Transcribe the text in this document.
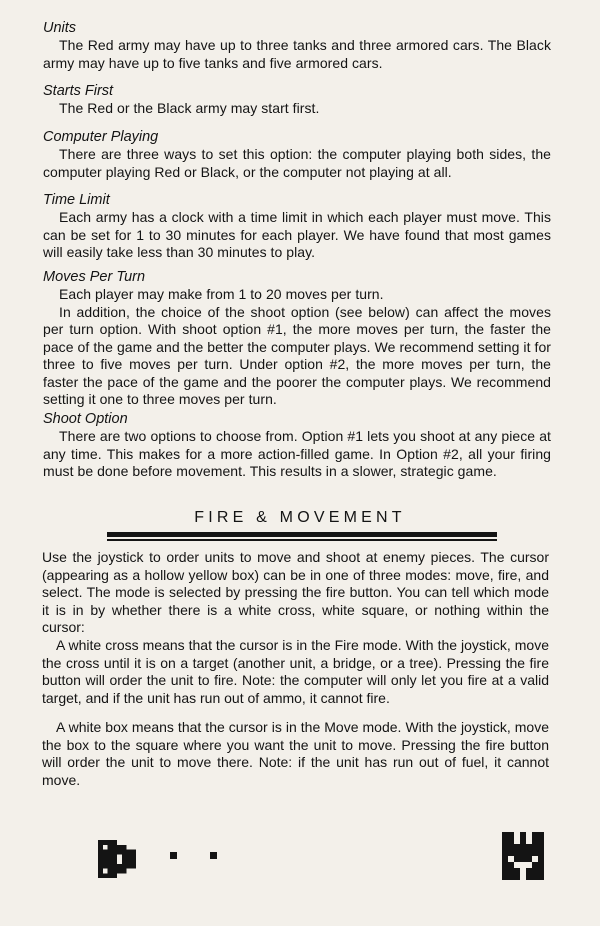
Units

The Red army may have up to three tanks and three armored cars. The Black army may have up to five tanks and five armored cars.

Starts First

The Red or the Black army may start first.

Computer Playing

There are three ways to set this option: the computer playing both sides, the computer playing Red or Black, or the computer not playing at all.

Time Limit

Each army has a clock with a time limit in which each player must move. This can be set for 1 to 30 minutes for each player. We have found that most games will easily take less than 30 minutes to play.

Moves Per Turn

Each player may make from 1 to 20 moves per turn.

In addition, the choice of the shoot option (see below) can affect the moves per turn option. With shoot option #1, the more moves per turn, the faster the pace of the game and the better the computer plays. We recommend setting it for three to five moves per turn. Under option #2, the more moves per turn, the faster the pace of the game and the poorer the computer plays. We recommend setting it one to three moves per turn.

Shoot Option

There are two options to choose from. Option #1 lets you shoot at any piece at any time. This makes for a more action-filled game. In Option #2, all your firing must be done before movement. This results in a slower, strategic game.

FIRE & MOVEMENT

Use the joystick to order units to move and shoot at enemy pieces. The cursor (appearing as a hollow yellow box) can be in one of three modes: move, fire, and select. The mode is selected by pressing the fire button. You can tell which mode it is in by whether there is a white cross, white square, or nothing within the cursor:

A white cross means that the cursor is in the Fire mode. With the joystick, move the cross until it is on a target (another unit, a bridge, or a tree). Pressing the fire button will order the unit to fire. Note: the computer will only let you fire at a valid target, and if the unit has run out of ammo, it cannot fire.

A white box means that the cursor is in the Move mode. With the joystick, move the box to the square where you want the unit to move. Pressing the fire button will order the unit to move there. Note: if the unit has run out of fuel, it cannot move.
